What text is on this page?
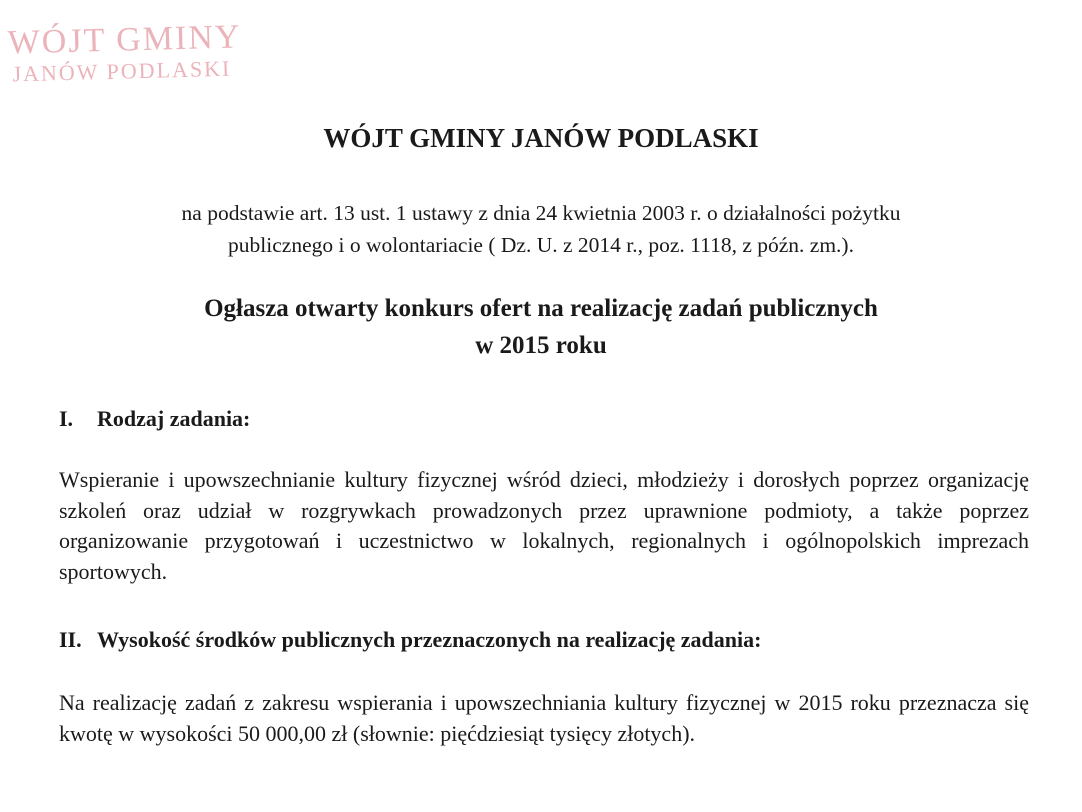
WÓJT GMINY
JANÓW PODLASKI
WÓJT GMINY JANÓW PODLASKI

na podstawie art. 13 ust. 1 ustawy z dnia 24 kwietnia 2003 r. o działalności pożytku
publicznego i o wolontariacie ( Dz. U. z 2014 r., poz. 1118, z późn. zm.).

Ogłasza otwarty konkurs ofert na realizację zadań publicznych
w 2015 roku
I.	Rodzaj zadania:

Wspieranie i upowszechnianie kultury fizycznej wśród dzieci, młodzieży i dorosłych poprzez organizację szkoleń oraz udział w rozgrywkach prowadzonych przez uprawnione podmioty, a także poprzez organizowanie przygotowań i uczestnictwo w lokalnych, regionalnych i ogólnopolskich imprezach sportowych.

II. Wysokość środków publicznych przeznaczonych na realizację zadania:

Na realizację zadań z zakresu wspierania i upowszechniania kultury fizycznej w 2015 roku przeznacza się kwotę w wysokości 50 000,00 zł (słownie: pięćdziesiąt tysięcy złotych).
